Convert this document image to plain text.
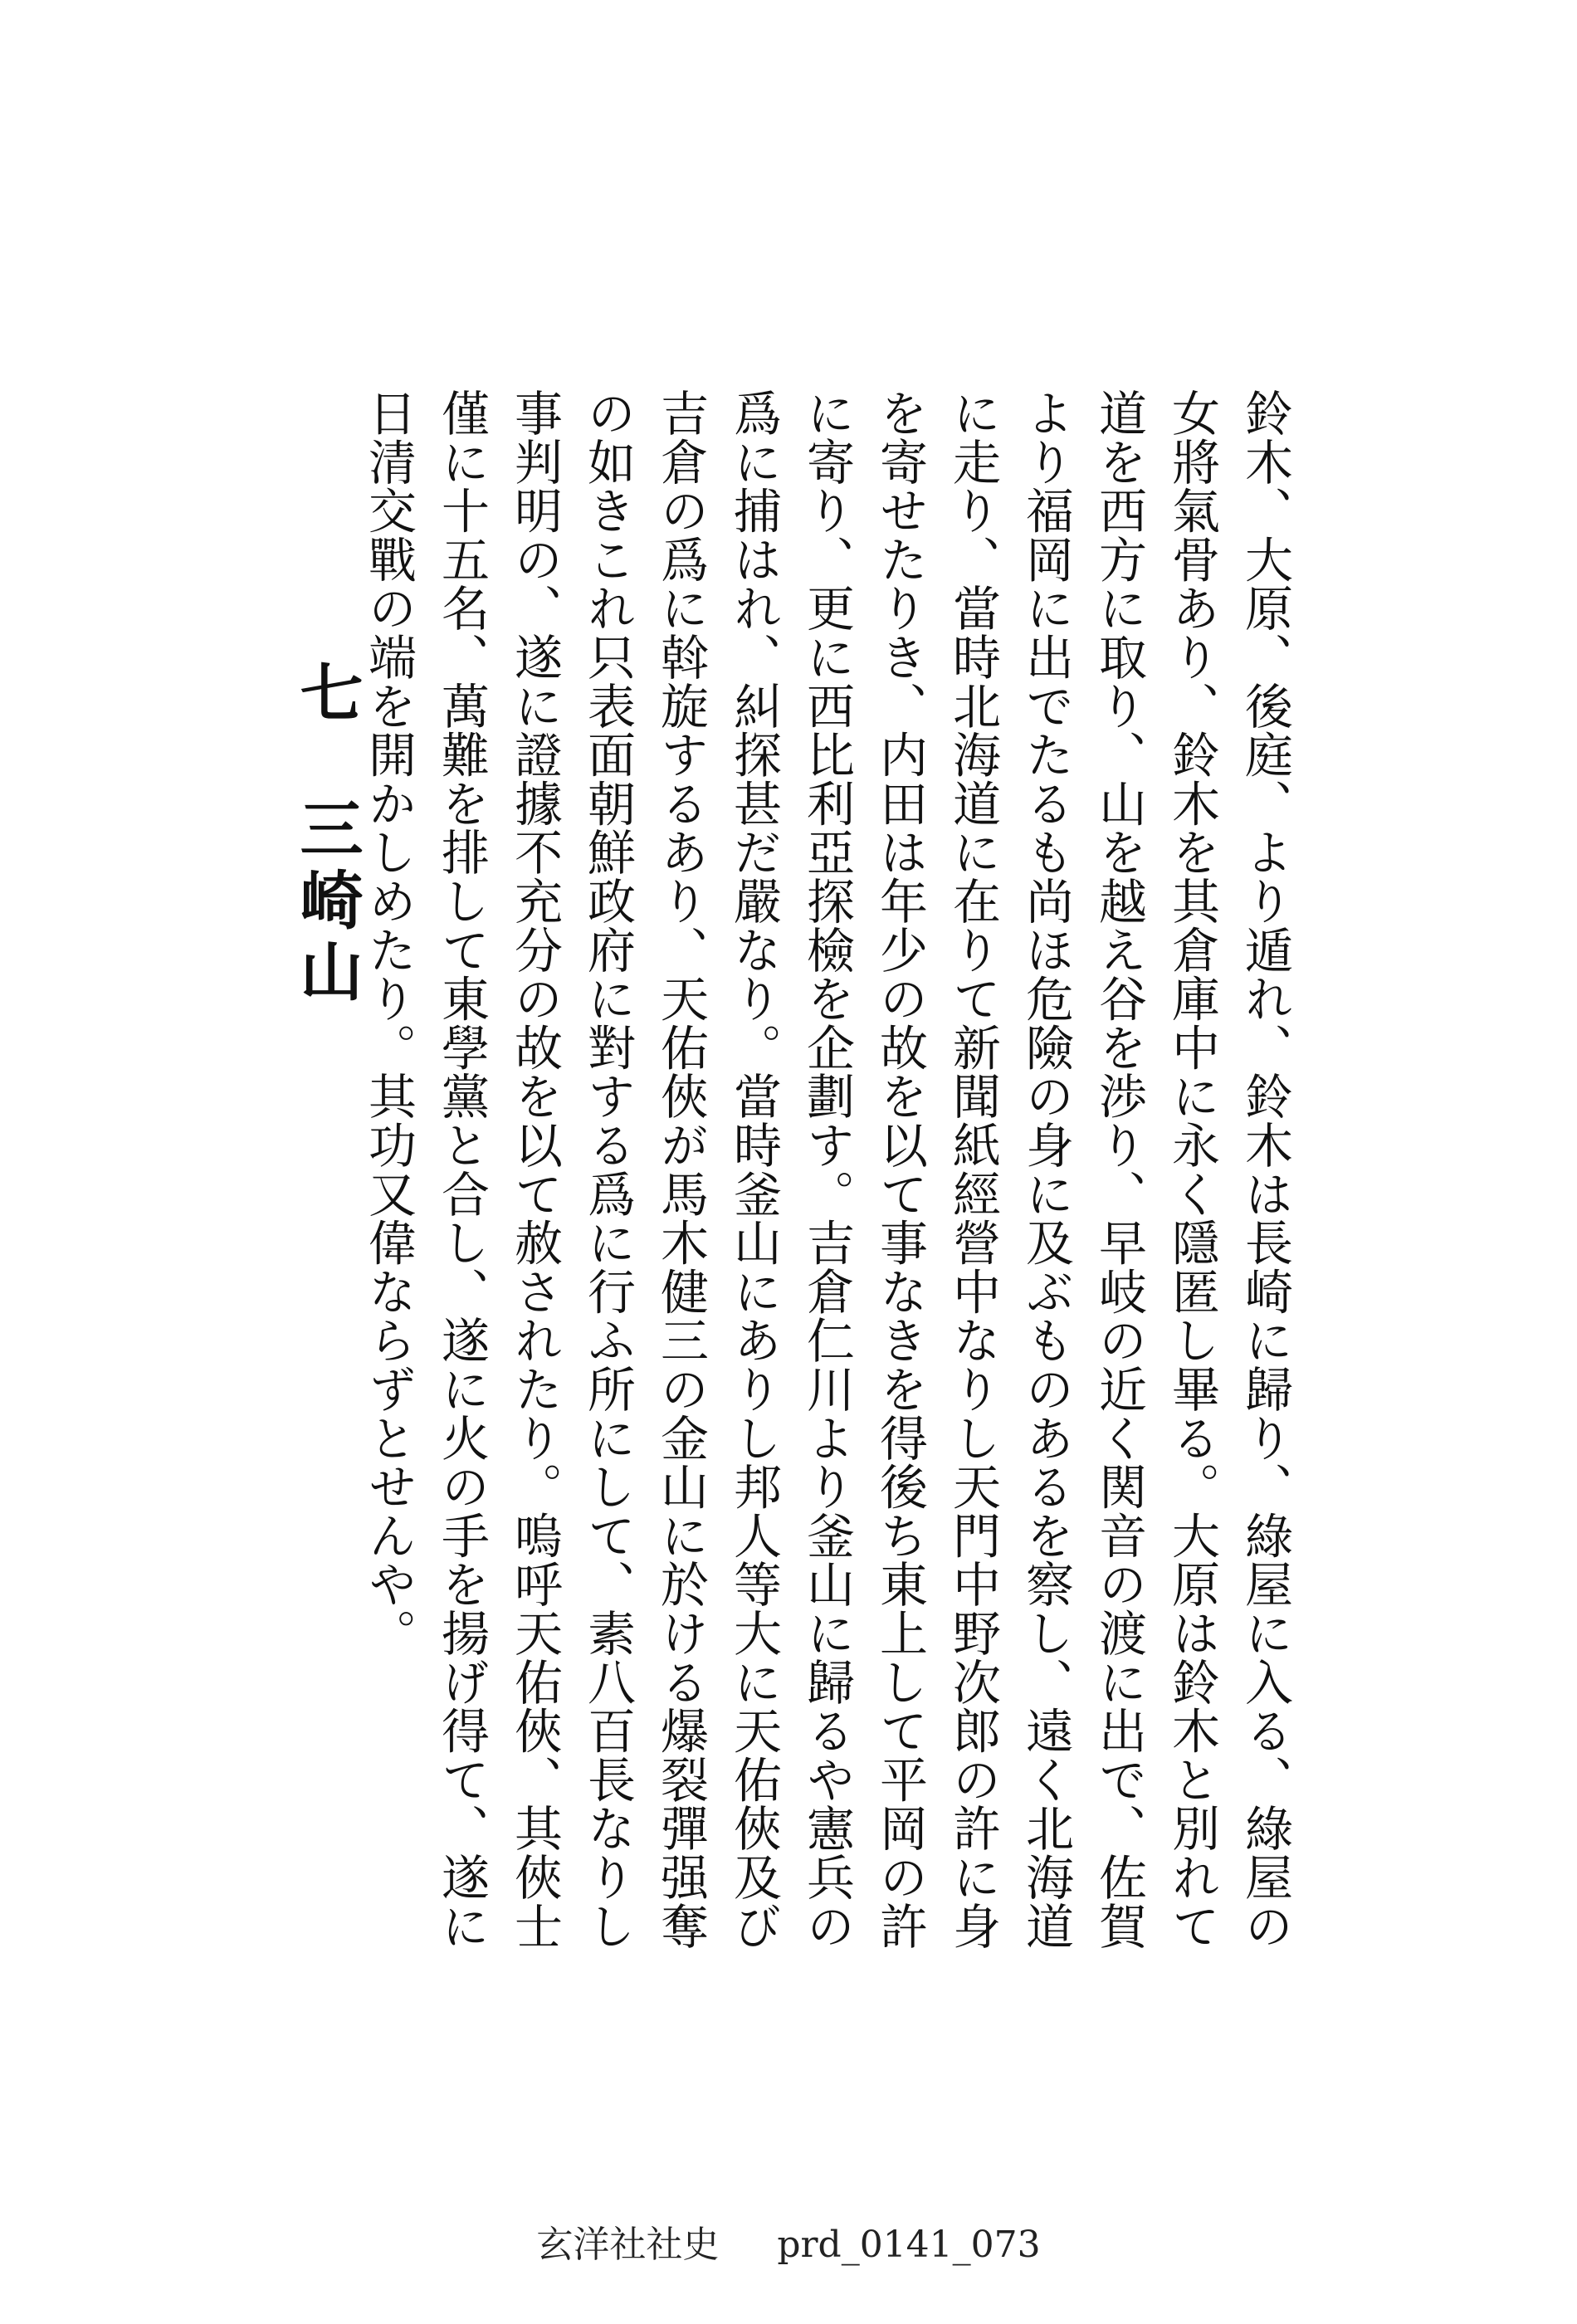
鈴木、大原、後庭、より遁れ、鈴木は長崎に歸り、綠屋に入る、綠屋の女將氣骨あり、鈴木を其倉庫中に永く隱匿し畢る。大原は鈴木と別れて道を西方に取り、山を越え谷を渉り、早岐の近く関音の渡に出で、佐賀より福岡に出でたるも尚ほ危險の身に及ぶものあるを察し、遠く北海道に走り、當時北海道に在りて新聞紙經營中なりし天門中野次郎の許に身を寄せたりき、内田は年少の故を以て事なきを得後ち東上して平岡の許に寄り、更に西比利亞探檢を企劃す。吉倉仁川より釜山に歸るや憲兵の爲に捕はれ、糾探甚だ嚴なり。當時釜山にありし邦人等大に天佑俠及び吉倉の爲に斡旋するあり、天佑俠が馬木健三の金山に於ける爆裂彈强奪の如きこれ只表面朝鮮政府に對する爲に行ふ所にして、素八百長なりし事判明の、遂に證據不充分の故を以て赦されたり。嗚呼天佑俠、其俠士僅に十五名、萬難を排して東學黨と合し、遂に火の手を揚げ得て、遂に日清交戰の端を開かしめたり。其功又偉ならずとせんや。

七三崎山
玄洋社社史 prd_0141_073
